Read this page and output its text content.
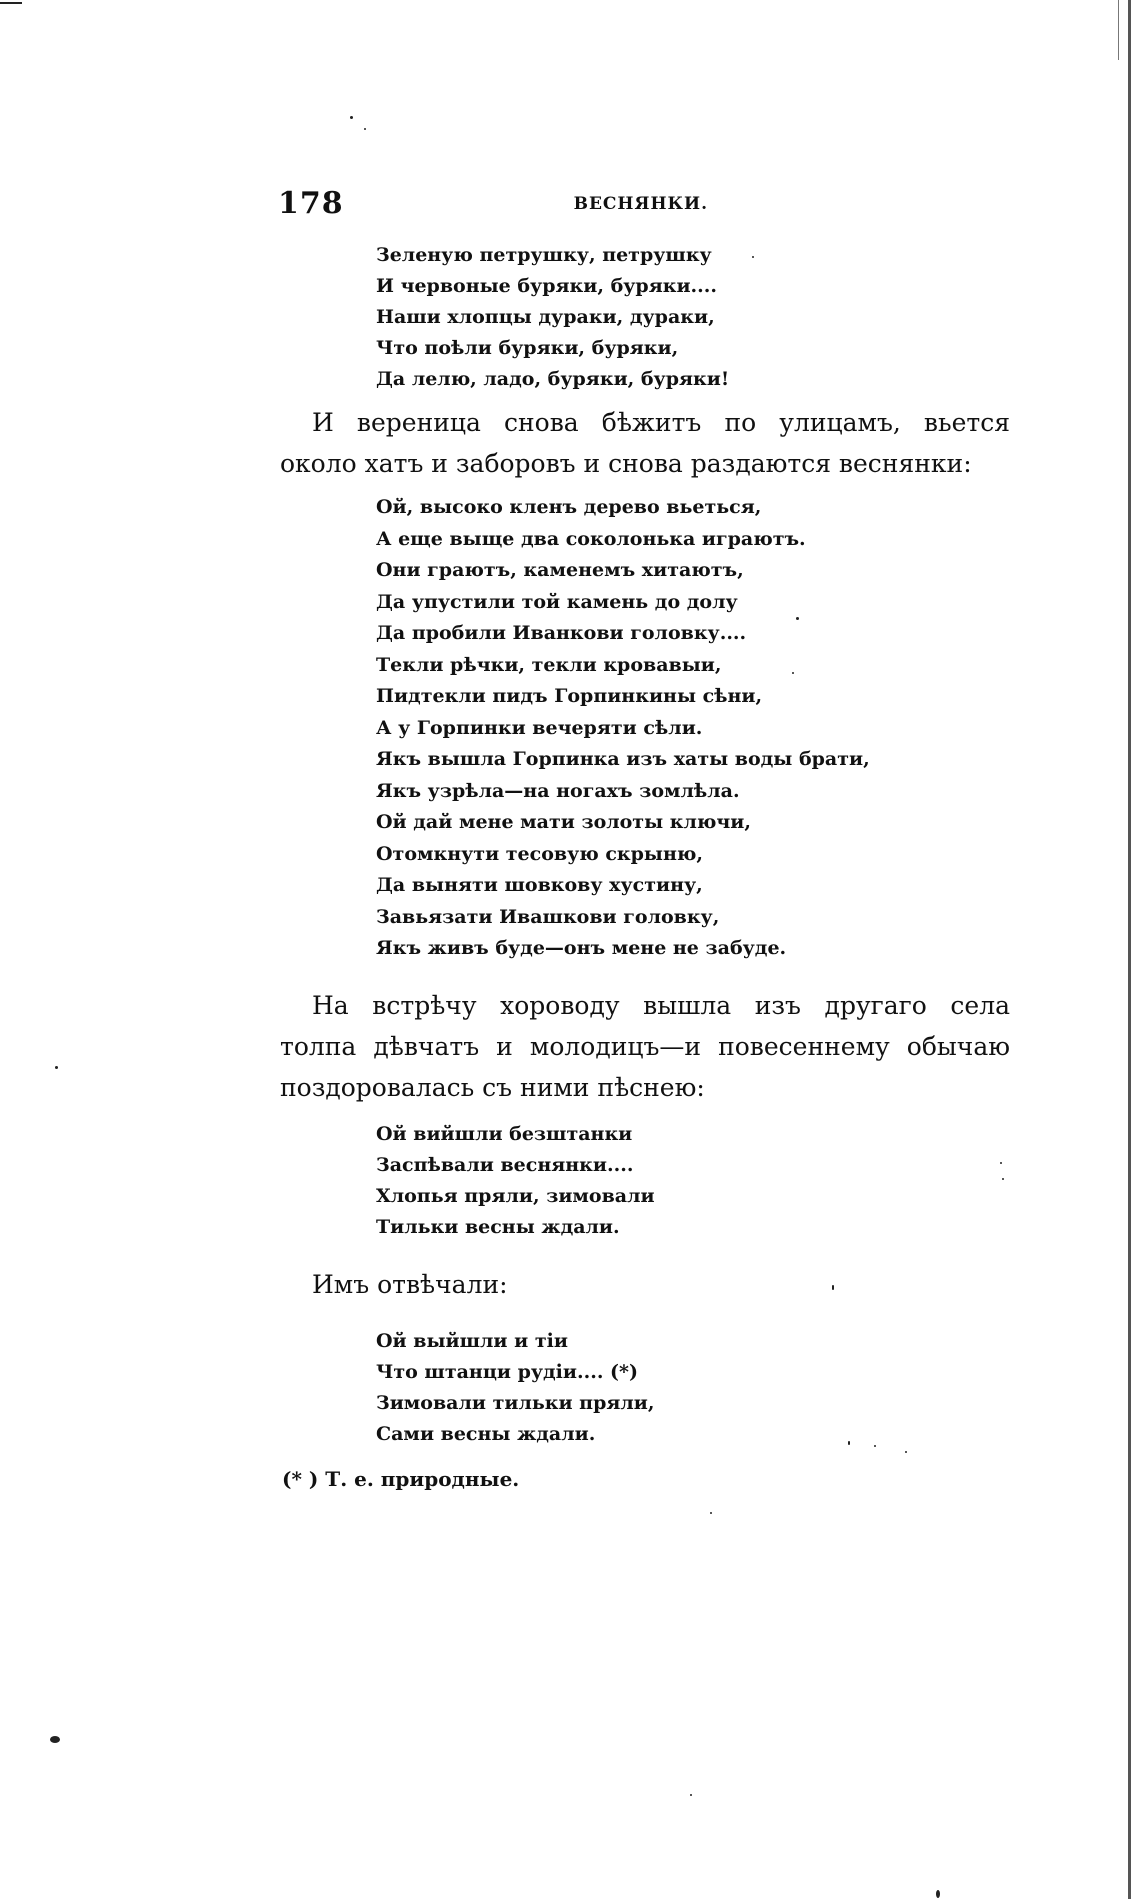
178	ВЕСНЯНКИ.
Зеленую петрушку, петрушку
И червоные буряки, буряки....
Наши хлопцы дураки, дураки,
Что поѣли буряки, буряки,
Да лелю, ладо, буряки, буряки!

И вереница снова бѣжитъ по улицамъ, вьется
около хатъ и заборовъ и снова раздаются веснянки:

Ой, высоко кленъ дерево вьеться,
А еще выще два соколонька играютъ.
Они граютъ, каменемъ хитаютъ,
Да упустили той камень до долу
Да пробили Иванкови головку....
Текли рѣчки, текли кровавыи,
Пидтекли пидъ Горпинкины сѣни,
А у Горпинки вечеряти сѣли.
Якъ вышла Горпинка изъ хаты воды брати,
Якъ узрѣла—на ногахъ зомлѣла.
Ой дай мене мати золоты ключи,
Отомкнути тесовую скрыню,
Да выняти шовкову хустину,
Завьязати Ивашкови головку,
Якъ живъ буде—онъ мене не забуде.

На встрѣчу хороводу вышла изъ другаго села
толпа дѣвчатъ и молодицъ—и повесеннему обычаю
поздоровалась съ ними пѣснею:

Ой вийшли безштанки
Заспѣвали веснянки....
Хлопья пряли, зимовали
Тильки весны ждали.

Имъ отвѣчали:

Ой выйшли и тіи
Что штанци рудіи.... (*)
Зимовали тильки пряли,
Сами весны ждали.
(* ) Т. е. природные.
